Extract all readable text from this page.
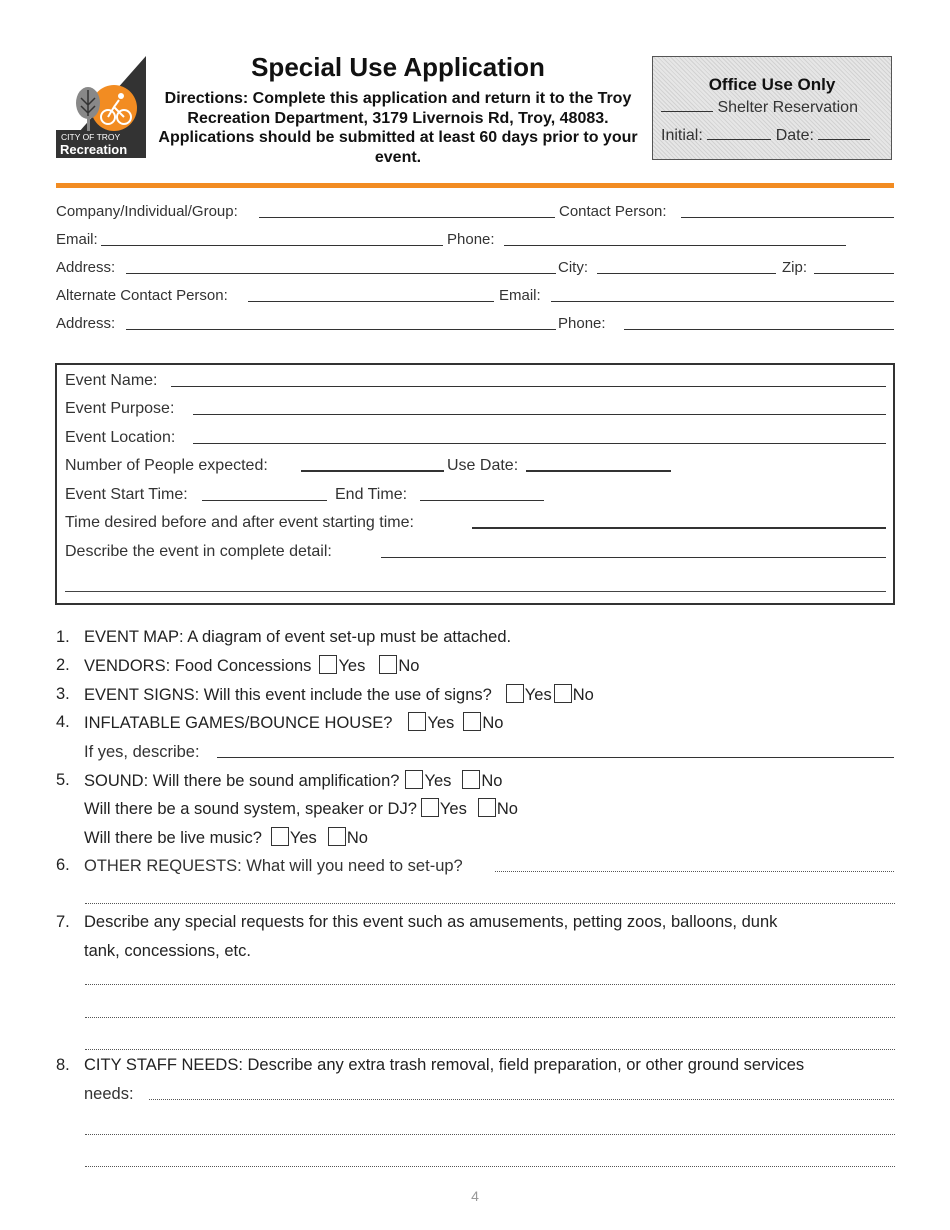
CITY OF TROY
Recreation
Special Use Application
Directions: Complete this application and return it to the Troy Recreation Department, 3179 Livernois Rd, Troy, 48083. Applications should be submitted at least 60 days prior to your event.
Office Use Only
Shelter Reservation
Initial:	Date:
Company/Individual/Group:	Contact Person:
Email:	Phone:
Address:	City:	Zip:
Alternate Contact Person:	Email:
Address:	Phone:
Event Name:
Event Purpose:
Event Location:
Number of People expected:	Use Date:
Event Start Time:	End Time:
Time desired before and after event starting time:
Describe the event in complete detail:
1. EVENT MAP: A diagram of event set-up must be attached.
2. VENDORS: Food Concessions Yes No
3. EVENT SIGNS: Will this event include the use of signs? Yes No
4. INFLATABLE GAMES/BOUNCE HOUSE? Yes No
If yes, describe:
5. SOUND: Will there be sound amplification? Yes No
Will there be a sound system, speaker or DJ? Yes No
Will there be live music? Yes No
6. OTHER REQUESTS: What will you need to set-up?
7. Describe any special requests for this event such as amusements, petting zoos, balloons, dunk
tank, concessions, etc.
8. CITY STAFF NEEDS: Describe any extra trash removal, field preparation, or other ground services
needs:
4
